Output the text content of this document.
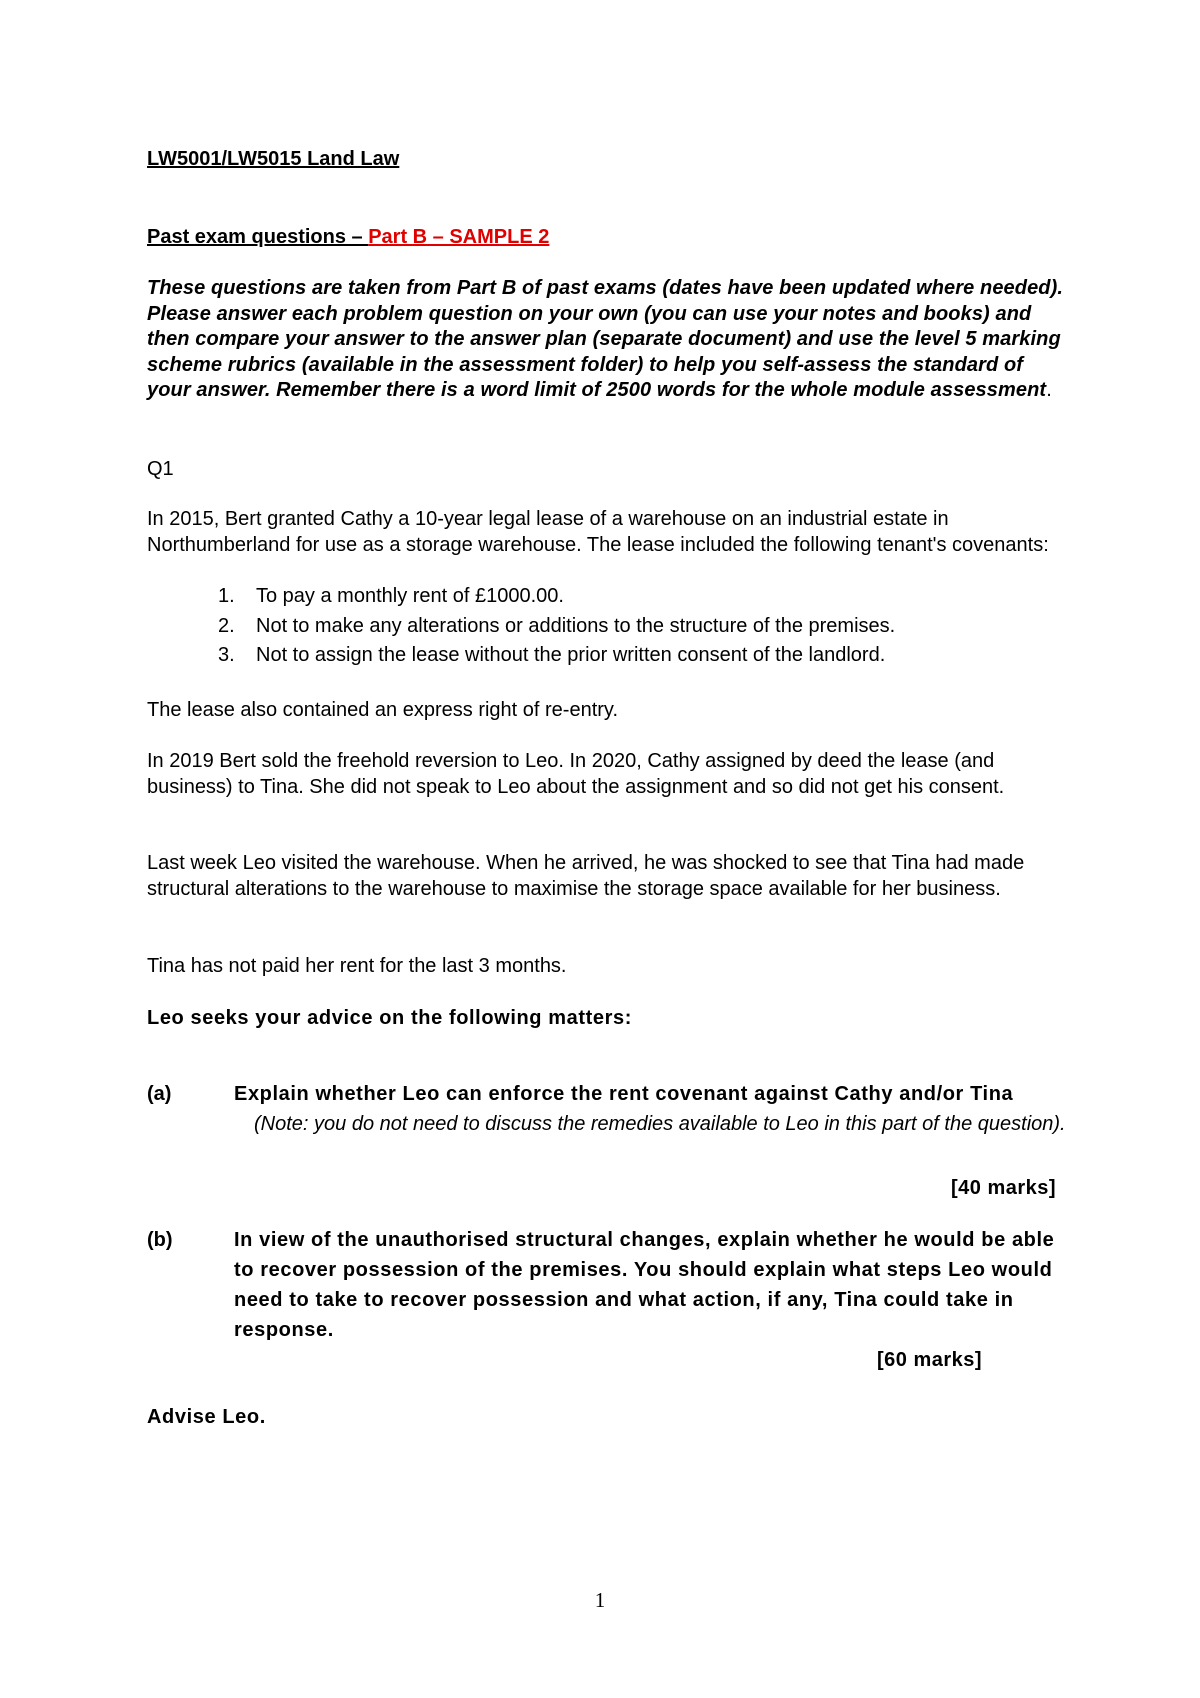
LW5001/LW5015 Land Law
Past exam questions – Part B – SAMPLE 2
These questions are taken from Part B of past exams (dates have been updated where needed). Please answer each problem question on your own (you can use your notes and books) and then compare your answer to the answer plan (separate document) and use the level 5 marking scheme rubrics (available in the assessment folder) to help you self-assess the standard of your answer. Remember there is a word limit of 2500 words for the whole module assessment.
Q1
In 2015, Bert granted Cathy a 10-year legal lease of a warehouse on an industrial estate in Northumberland for use as a storage warehouse. The lease included the following tenant's covenants:
1. To pay a monthly rent of £1000.00.
2. Not to make any alterations or additions to the structure of the premises.
3. Not to assign the lease without the prior written consent of the landlord.
The lease also contained an express right of re-entry.
In 2019 Bert sold the freehold reversion to Leo. In 2020, Cathy assigned by deed the lease (and business) to Tina. She did not speak to Leo about the assignment and so did not get his consent.
Last week Leo visited the warehouse. When he arrived, he was shocked to see that Tina had made structural alterations to the warehouse to maximise the storage space available for her business.
Tina has not paid her rent for the last 3 months.
Leo seeks your advice on the following matters:
(a)	Explain whether Leo can enforce the rent covenant against Cathy and/or Tina
(Note: you do not need to discuss the remedies available to Leo in this part of the question).
[40 marks]
(b)	In view of the unauthorised structural changes, explain whether he would be able to recover possession of the premises. You should explain what steps Leo would need to take to recover possession and what action, if any, Tina could take in response.
[60 marks]
Advise Leo.
1
